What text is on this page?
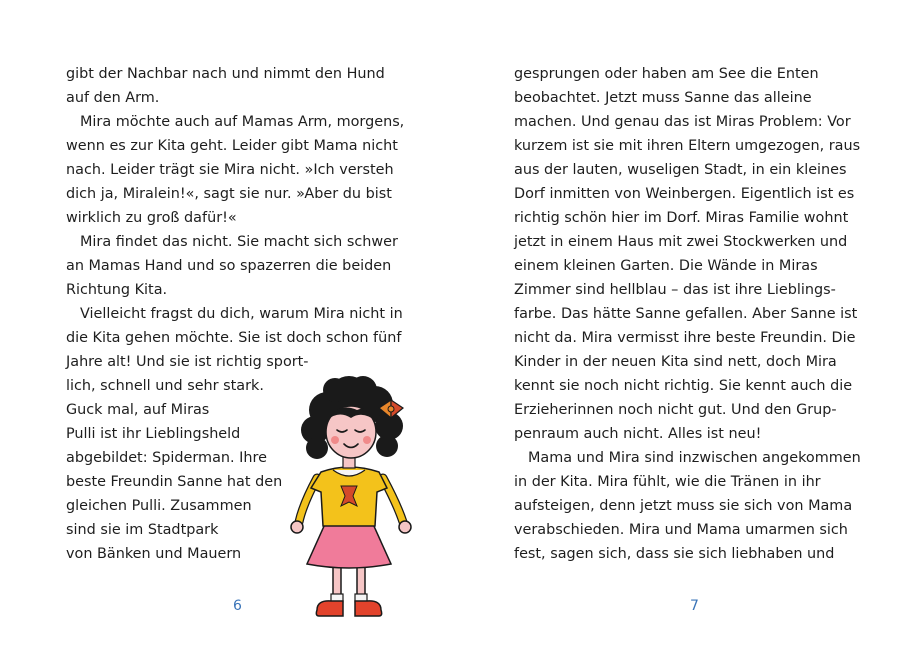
gibt der Nachbar nach und nimmt den Hund
auf den Arm.
Mira möchte auch auf Mamas Arm, morgens,
wenn es zur Kita geht. Leider gibt Mama nicht
nach. Leider trägt sie Mira nicht. »Ich versteh
dich ja, Miralein!«, sagt sie nur. »Aber du bist
wirklich zu groß dafür!«
Mira findet das nicht. Sie macht sich schwer
an Mamas Hand und so spazerren die beiden
Richtung Kita.
Vielleicht fragst du dich, warum Mira nicht in
die Kita gehen möchte. Sie ist doch schon fünf
Jahre alt! Und sie ist richtig sport-
lich, schnell und sehr stark.
Guck mal, auf Miras
Pulli ist ihr Lieblingsheld
abgebildet: Spiderman. Ihre
beste Freundin Sanne hat den
gleichen Pulli. Zusammen
sind sie im Stadtpark
von Bänken und Mauern
6
gesprungen oder haben am See die Enten
beobachtet. Jetzt muss Sanne das alleine
machen. Und genau das ist Miras Problem: Vor
kurzem ist sie mit ihren Eltern umgezogen, raus
aus der lauten, wuseligen Stadt, in ein kleines
Dorf inmitten von Weinbergen. Eigentlich ist es
richtig schön hier im Dorf. Miras Familie wohnt
jetzt in einem Haus mit zwei Stockwerken und
einem kleinen Garten. Die Wände in Miras
Zimmer sind hellblau – das ist ihre Lieblings-
farbe. Das hätte Sanne gefallen. Aber Sanne ist
nicht da. Mira vermisst ihre beste Freundin. Die
Kinder in der neuen Kita sind nett, doch Mira
kennt sie noch nicht richtig. Sie kennt auch die
Erzieherinnen noch nicht gut. Und den Grup-
penraum auch nicht. Alles ist neu!
Mama und Mira sind inzwischen angekommen
in der Kita. Mira fühlt, wie die Tränen in ihr
aufsteigen, denn jetzt muss sie sich von Mama
verabschieden. Mira und Mama umarmen sich
fest, sagen sich, dass sie sich liebhaben und
7
